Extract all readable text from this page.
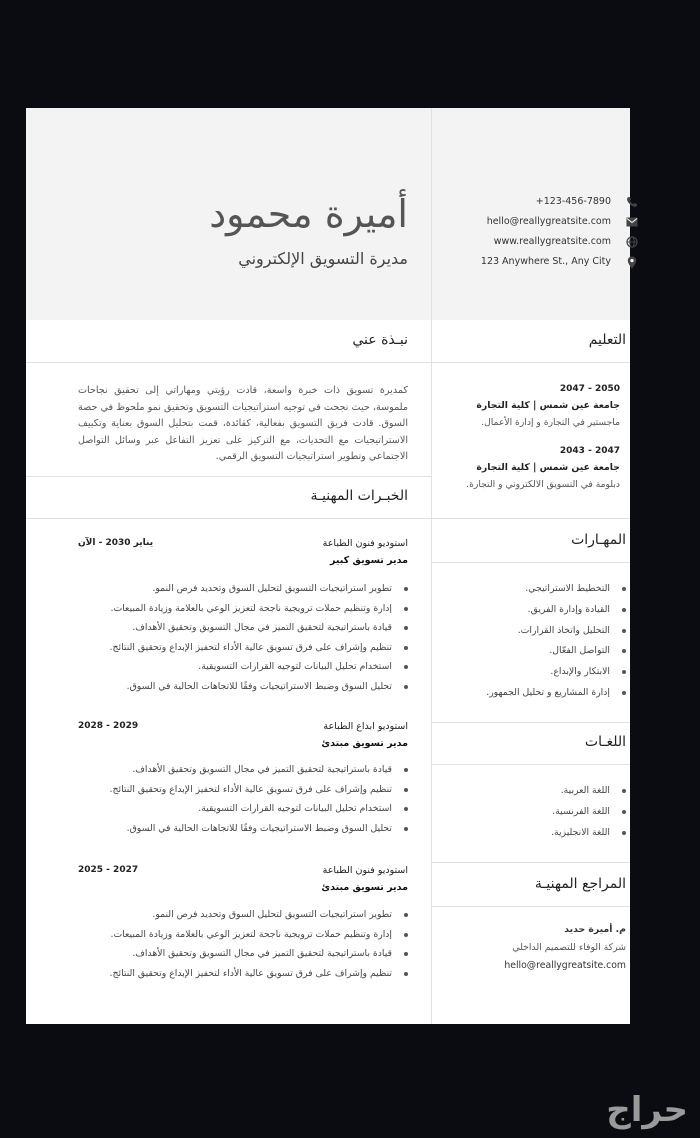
أميرة محمود
مديرة التسويق الإلكتروني
+123-456-7890
hello@reallygreatsite.com
www.reallygreatsite.com
123 Anywhere St., Any City
نبـذة عني
كمديرة تسويق ذات خبرة واسعة، قادت رؤيتي ومهاراتي إلى تحقيق نجاحات ملموسة، حيث نجحت في توجيه استراتيجيات التسويق وتحقيق نمو ملحوظ في حصة السوق. قادت فريق التسويق بفعالية، كقائدة، قمت بتحليل السوق بعناية وتكييف الاستراتيجيات مع التحديات، مع التركيز على تعزيز التفاعل عبر وسائل التواصل الاجتماعي وتطوير استراتيجيات التسويق الرقمي.
الخبـرات المهنيـة
استوديو فنون الطباعة
يناير 2030 - الآن
مدير تسويق كبير
تطوير استراتيجيات التسويق لتحليل السوق وتحديد فرص النمو.
إدارة وتنظيم حملات ترويجية ناجحة لتعزيز الوعي بالعلامة وزيادة المبيعات.
قيادة باستراتيجية لتحقيق التميز في مجال التسويق وتحقيق الأهداف.
تنظيم وإشراف على فرق تسويق عالية الأداء لتحفيز الإبداع وتحقيق النتائج.
استخدام تحليل البيانات لتوجيه القرارات التسويقية.
تحليل السوق وضبط الاستراتيجيات وفقًا للاتجاهات الحالية في السوق.
استوديو ابداع الطباعة
2028 - 2029
مدير تسويق مبتدئ
قيادة باستراتيجية لتحقيق التميز في مجال التسويق وتحقيق الأهداف.
تنظيم وإشراف على فرق تسويق عالية الأداء لتحفيز الإبداع وتحقيق النتائج.
استخدام تحليل البيانات لتوجيه القرارات التسويقية.
تحليل السوق وضبط الاستراتيجيات وفقًا للاتجاهات الحالية في السوق.
استوديو فنون الطباعة
2025 - 2027
مدير تسويق مبتدئ
تطوير استراتيجيات التسويق لتحليل السوق وتحديد فرص النمو.
إدارة وتنظيم حملات ترويجية ناجحة لتعزيز الوعي بالعلامة وزيادة المبيعات.
قيادة باستراتيجية لتحقيق التميز في مجال التسويق وتحقيق الأهداف.
تنظيم وإشراف على فرق تسويق عالية الأداء لتحفيز الإبداع وتحقيق النتائج.
التعليم
2047 - 2050
جامعة عين شمس | كلية التجارة
ماجستير في التجارة و إدارة الأعمال.
2043 - 2047
جامعة عين شمس | كلية التجارة
دبلومة في التسويق الالكتروني و التجارة.
المهـارات
التخطيط الاستراتيجي.
القيادة وإدارة الفريق.
التحليل واتخاذ القرارات.
التواصل الفعّال.
الابتكار والإبداع.
إدارة المشاريع و تحليل الجمهور.
اللغـات
اللغة العربية.
اللغة الفرنسية.
اللغة الانجليزية.
المراجع المهنيـة
م. أميرة حديد
شركة الوفاء للتصميم الداخلي
hello@reallygreatsite.com
حراج
